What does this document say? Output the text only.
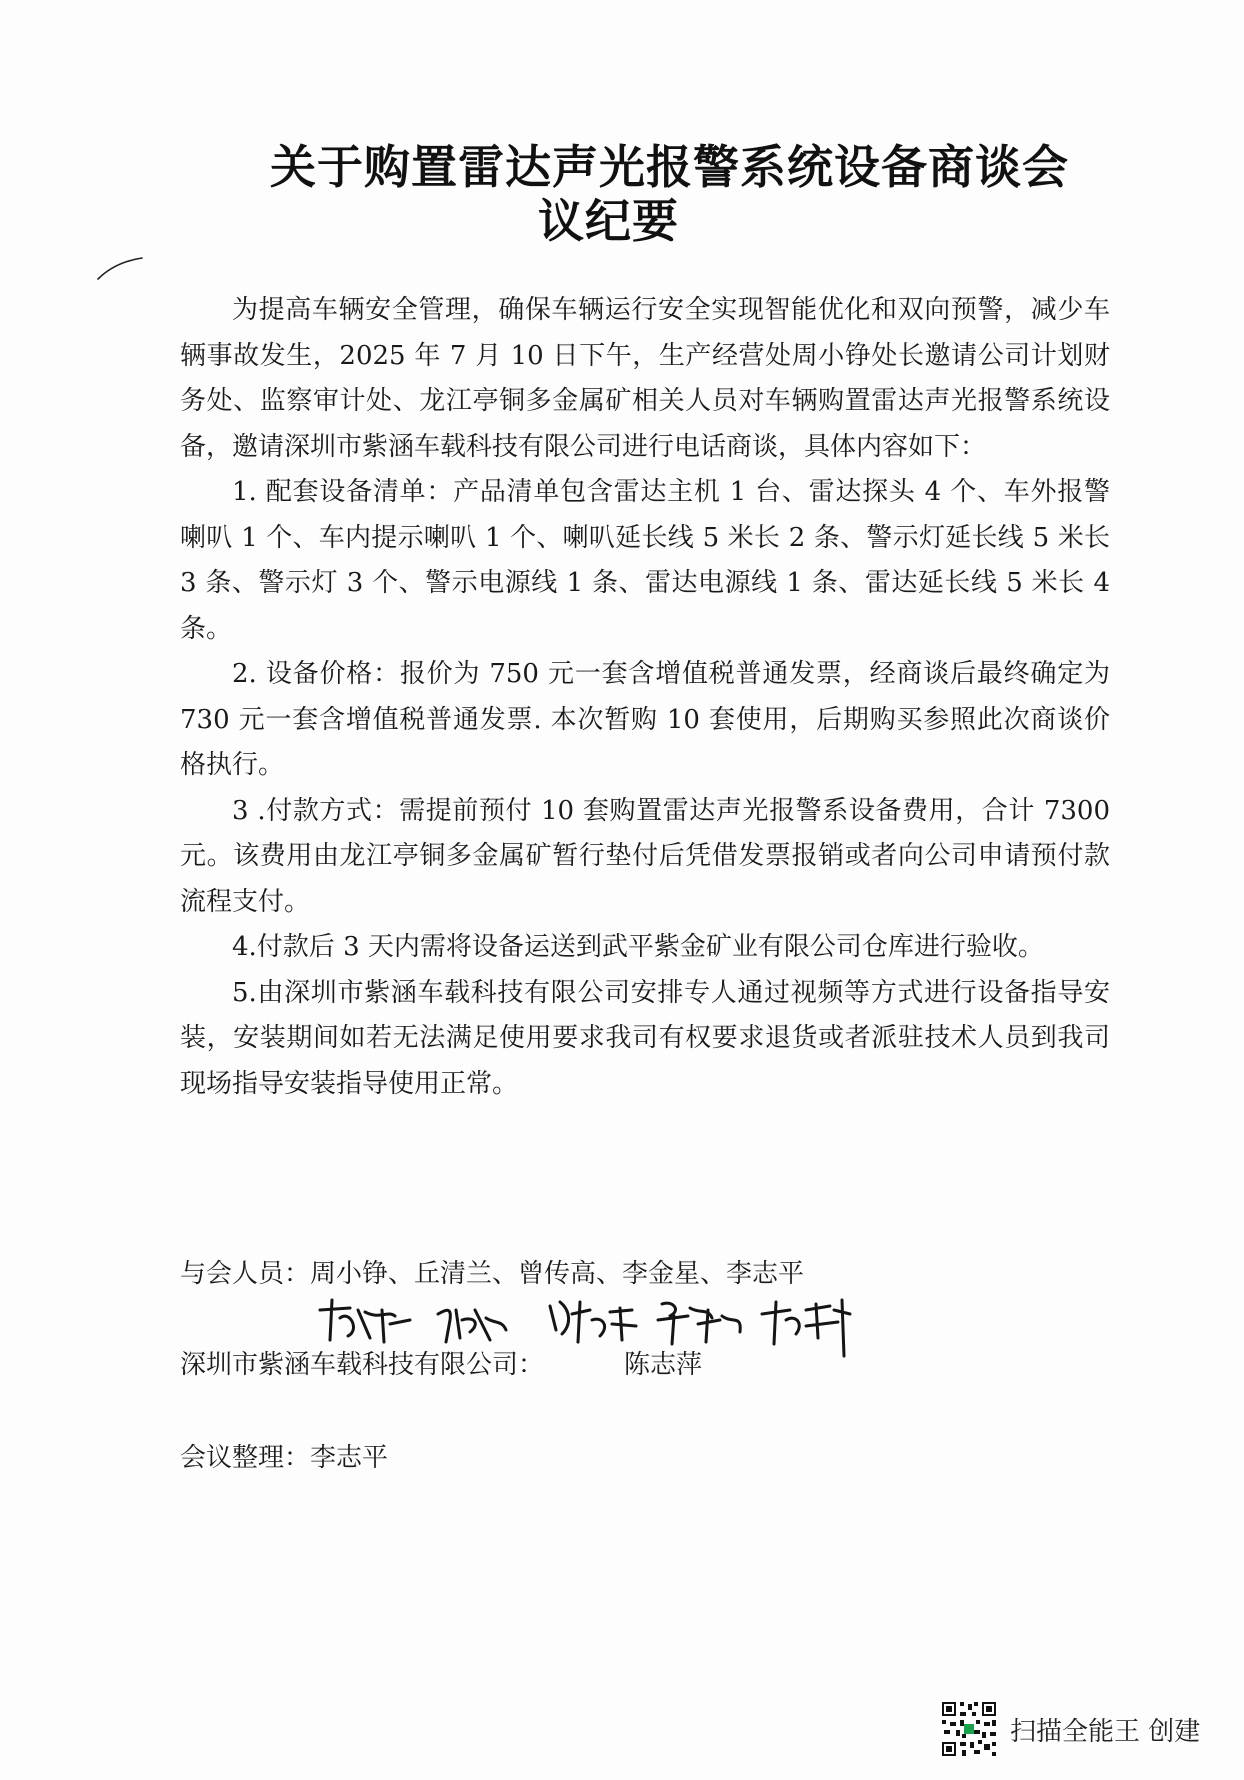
关于购置雷达声光报警系统设备商谈会
议纪要

为提高车辆安全管理，确保车辆运行安全实现智能优化和双向预警，减少车辆事故发生，2025 年 7 月 10 日下午，生产经营处周小铮处长邀请公司计划财务处、监察审计处、龙江亭铜多金属矿相关人员对车辆购置雷达声光报警系统设备，邀请深圳市紫涵车载科技有限公司进行电话商谈，具体内容如下：

1. 配套设备清单：产品清单包含雷达主机 1 台、雷达探头 4 个、车外报警喇叭 1 个、车内提示喇叭 1 个、喇叭延长线 5 米长 2 条、警示灯延长线 5 米长 3 条、警示灯 3 个、警示电源线 1 条、雷达电源线 1 条、雷达延长线 5 米长 4 条。

2. 设备价格：报价为 750 元一套含增值税普通发票，经商谈后最终确定为 730 元一套含增值税普通发票. 本次暂购 10 套使用，后期购买参照此次商谈价格执行。

3 .付款方式：需提前预付 10 套购置雷达声光报警系设备费用，合计 7300 元。该费用由龙江亭铜多金属矿暂行垫付后凭借发票报销或者向公司申请预付款流程支付。

4.付款后 3 天内需将设备运送到武平紫金矿业有限公司仓库进行验收。

5.由深圳市紫涵车载科技有限公司安排专人通过视频等方式进行设备指导安装，安装期间如若无法满足使用要求我司有权要求退货或者派驻技术人员到我司现场指导安装指导使用正常。

与会人员：周小铮、丘清兰、曾传高、李金星、李志平
深圳市紫涵车载科技有限公司：	陈志萍
会议整理：李志平
扫描全能王 创建
